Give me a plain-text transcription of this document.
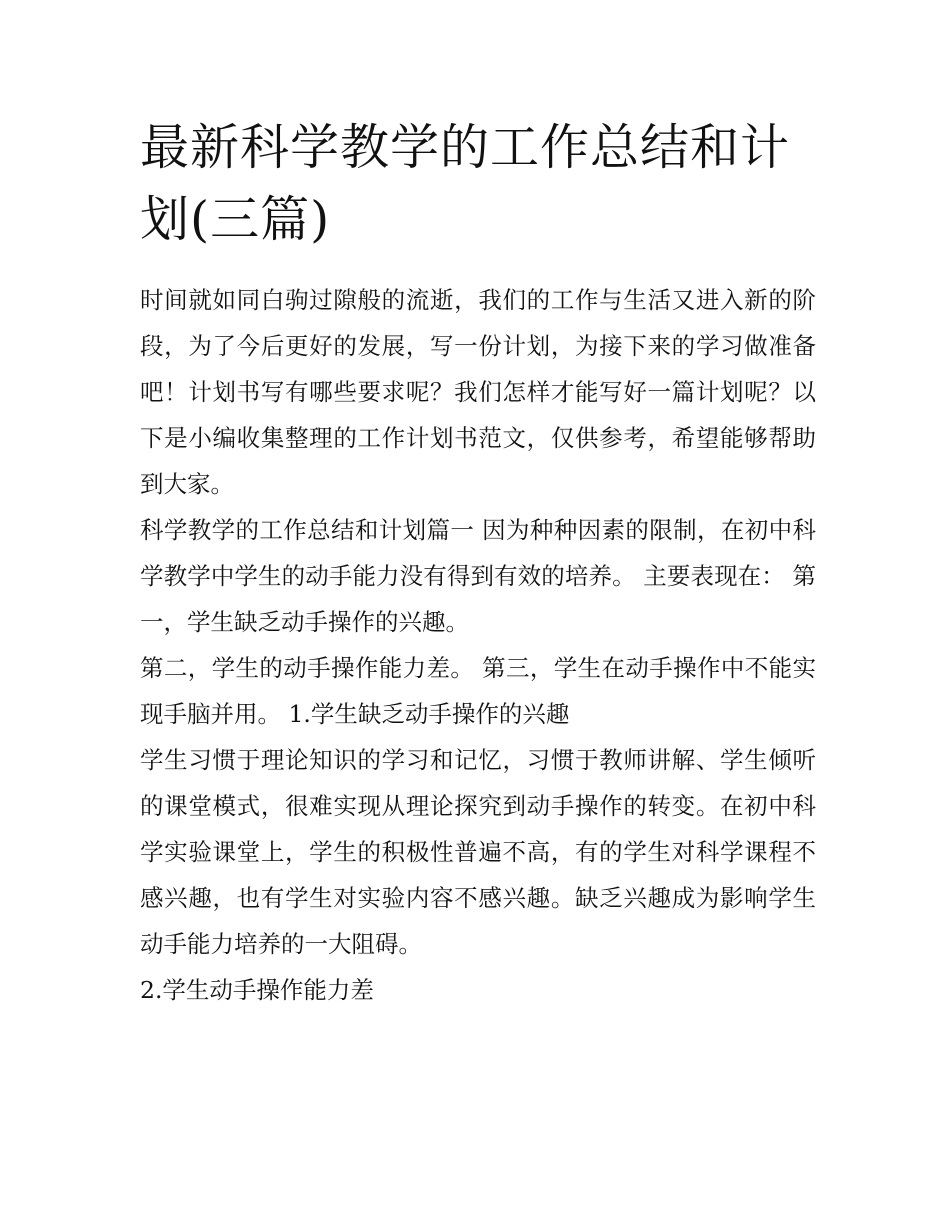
最新科学教学的工作总结和计划(三篇)

时间就如同白驹过隙般的流逝，我们的工作与生活又进入新的阶段，为了今后更好的发展，写一份计划，为接下来的学习做准备吧！计划书写有哪些要求呢？我们怎样才能写好一篇计划呢？以下是小编收集整理的工作计划书范文，仅供参考，希望能够帮助到大家。

科学教学的工作总结和计划篇一 因为种种因素的限制，在初中科学教学中学生的动手能力没有得到有效的培养。 主要表现在： 第一，学生缺乏动手操作的兴趣。

第二，学生的动手操作能力差。 第三，学生在动手操作中不能实现手脑并用。 1.学生缺乏动手操作的兴趣

学生习惯于理论知识的学习和记忆，习惯于教师讲解、学生倾听的课堂模式，很难实现从理论探究到动手操作的转变。在初中科学实验课堂上，学生的积极性普遍不高，有的学生对科学课程不感兴趣，也有学生对实验内容不感兴趣。缺乏兴趣成为影响学生动手能力培养的一大阻碍。

2.学生动手操作能力差
